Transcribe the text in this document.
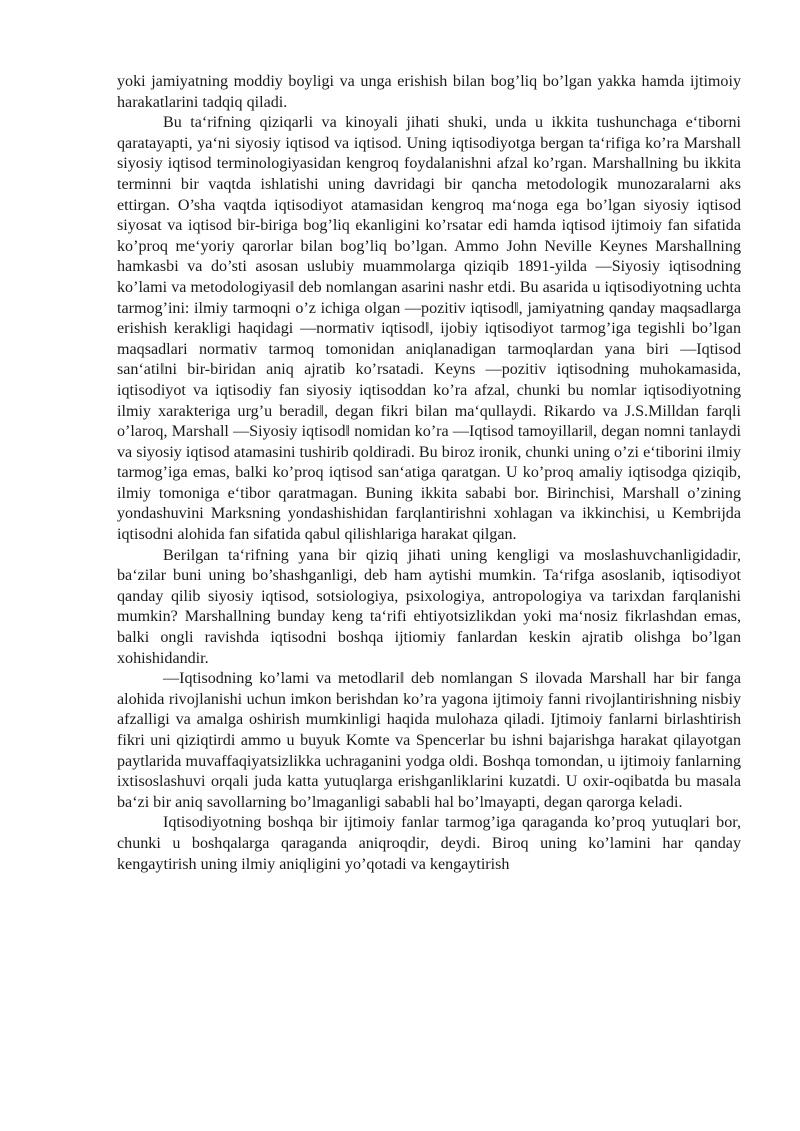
yoki jamiyatning moddiy boyligi va unga erishish bilan bog’liq bo’lgan yakka hamda ijtimoiy harakatlarini tadqiq qiladi.

Bu ta‘rifning qiziqarli va kinoyali jihati shuki, unda u ikkita tushunchaga e‘tiborni qaratayapti, ya‘ni siyosiy iqtisod va iqtisod. Uning iqtisodiyotga bergan ta‘rifiga ko’ra Marshall siyosiy iqtisod terminologiyasidan kengroq foydalanishni afzal ko’rgan. Marshallning bu ikkita terminni bir vaqtda ishlatishi uning davridagi bir qancha metodologik munozaralarni aks ettirgan. O’sha vaqtda iqtisodiyot atamasidan kengroq ma‘noga ega bo’lgan siyosiy iqtisod siyosat va iqtisod bir-biriga bog’liq ekanligini ko’rsatar edi hamda iqtisod ijtimoiy fan sifatida ko’proq me‘yoriy qarorlar bilan bog’liq bo’lgan. Ammo John Neville Keynes Marshallning hamkasbi va do’sti asosan uslubiy muammolarga qiziqib 1891-yilda ―Siyosiy iqtisodning ko’lami va metodologiyasi‖ deb nomlangan asarini nashr etdi. Bu asarida u iqtisodiyotning uchta tarmog’ini: ilmiy tarmoqni o’z ichiga olgan ―pozitiv iqtisod‖, jamiyatning qanday maqsadlarga erishish kerakligi haqidagi ―normativ iqtisod‖, ijobiy iqtisodiyot tarmog’iga tegishli bo’lgan maqsadlari normativ tarmoq tomonidan aniqlanadigan tarmoqlardan yana biri ―Iqtisod san‘ati‖ni bir-biridan aniq ajratib ko’rsatadi. Keyns ―pozitiv iqtisodning muhokamasida, iqtisodiyot va iqtisodiy fan siyosiy iqtisoddan ko’ra afzal, chunki bu nomlar iqtisodiyotning ilmiy xarakteriga urg’u beradi‖, degan fikri bilan ma‘qullaydi. Rikardo va J.S.Milldan farqli o’laroq, Marshall ―Siyosiy iqtisod‖ nomidan ko’ra ―Iqtisod tamoyillari‖, degan nomni tanlaydi va siyosiy iqtisod atamasini tushirib qoldiradi. Bu biroz ironik, chunki uning o’zi e‘tiborini ilmiy tarmog’iga emas, balki ko’proq iqtisod san‘atiga qaratgan. U ko’proq amaliy iqtisodga qiziqib, ilmiy tomoniga e‘tibor qaratmagan. Buning ikkita sababi bor. Birinchisi, Marshall o’zining yondashuvini Marksning yondashishidan farqlantirishni xohlagan va ikkinchisi, u Kembrijda iqtisodni alohida fan sifatida qabul qilishlariga harakat qilgan.

Berilgan ta‘rifning yana bir qiziq jihati uning kengligi va moslashuvchanligidadir, ba‘zilar buni uning bo’shashganligi, deb ham aytishi mumkin. Ta‘rifga asoslanib, iqtisodiyot qanday qilib siyosiy iqtisod, sotsiologiya, psixologiya, antropologiya va tarixdan farqlanishi mumkin? Marshallning bunday keng ta‘rifi ehtiyotsizlikdan yoki ma‘nosiz fikrlashdan emas, balki ongli ravishda iqtisodni boshqa ijtiomiy fanlardan keskin ajratib olishga bo’lgan xohishidandir.

―Iqtisodning ko’lami va metodlari‖ deb nomlangan S ilovada Marshall har bir fanga alohida rivojlanishi uchun imkon berishdan ko’ra yagona ijtimoiy fanni rivojlantirishning nisbiy afzalligi va amalga oshirish mumkinligi haqida mulohaza qiladi. Ijtimoiy fanlarni birlashtirish fikri uni qiziqtirdi ammo u buyuk Komte va Spencerlar bu ishni bajarishga harakat qilayotgan paytlarida muvaffaqiyatsizlikka uchraganini yodga oldi. Boshqa tomondan, u ijtimoiy fanlarning ixtisoslashuvi orqali juda katta yutuqlarga erishganliklarini kuzatdi. U oxir-oqibatda bu masala ba‘zi bir aniq savollarning bo’lmaganligi sababli hal bo’lmayapti, degan qarorga keladi.

Iqtisodiyotning boshqa bir ijtimoiy fanlar tarmog’iga qaraganda ko’proq yutuqlari bor, chunki u boshqalarga qaraganda aniqroqdir, deydi. Biroq uning ko’lamini har qanday kengaytirish uning ilmiy aniqligini yo’qotadi va kengaytirish
